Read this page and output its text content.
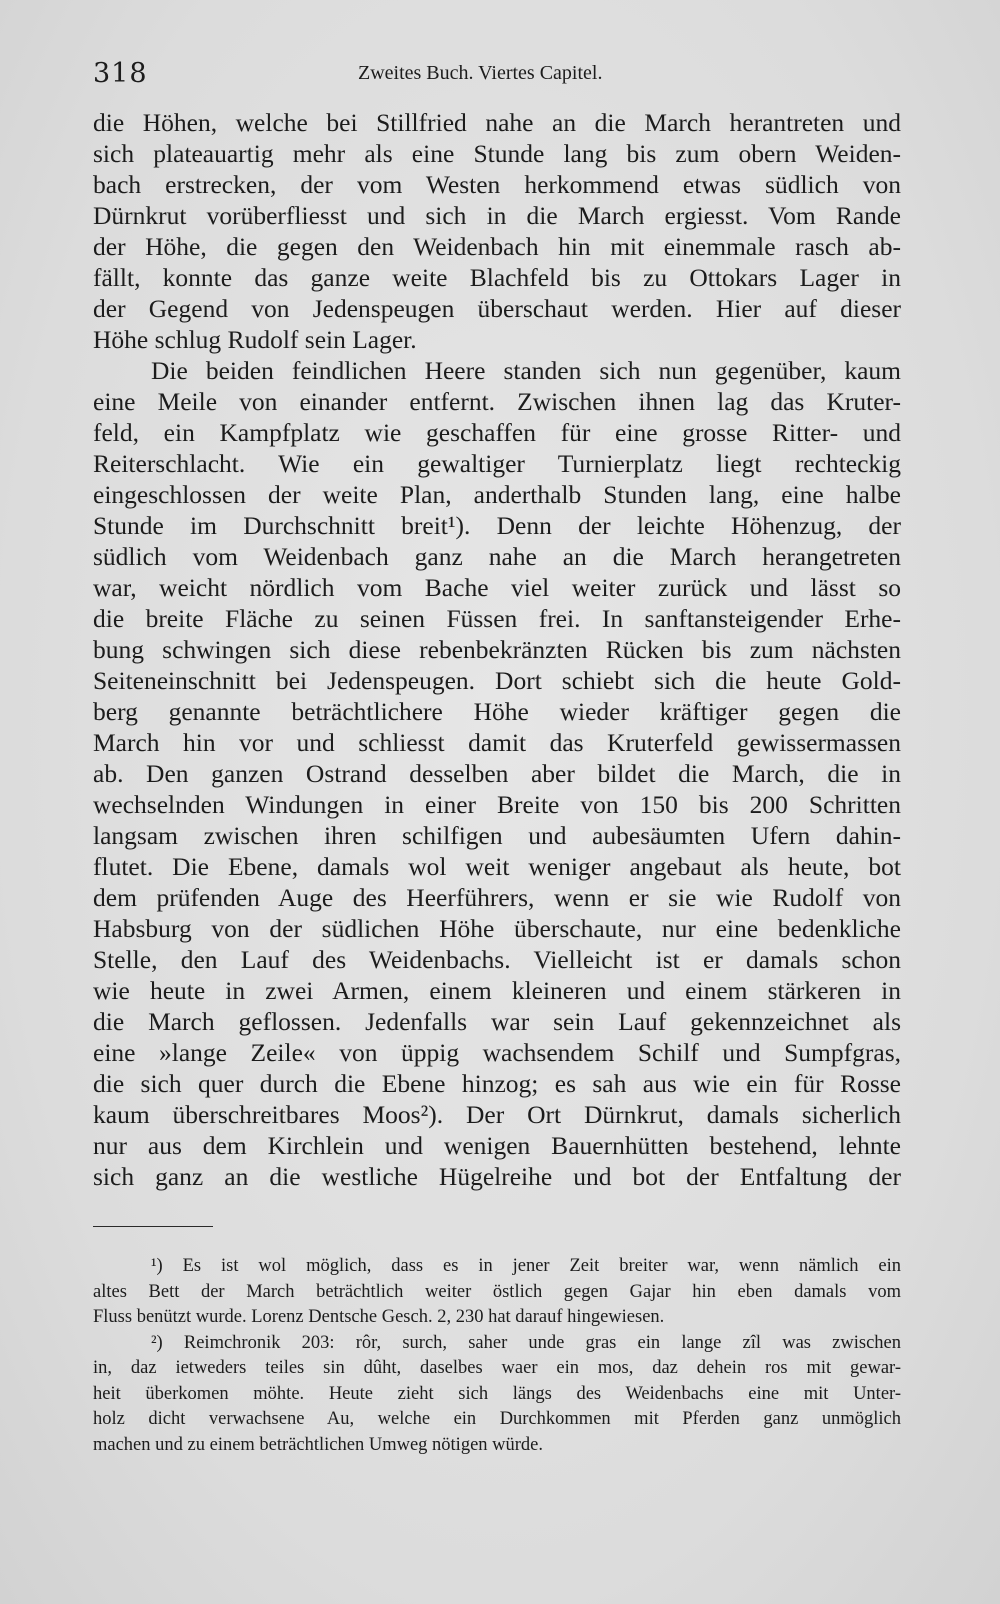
318	Zweites Buch. Viertes Capitel.
die Höhen, welche bei Stillfried nahe an die March herantreten und
sich plateauartig mehr als eine Stunde lang bis zum obern Weiden-
bach erstrecken, der vom Westen herkommend etwas südlich von
Dürnkrut vorüberfliesst und sich in die March ergiesst. Vom Rande
der Höhe, die gegen den Weidenbach hin mit einemmale rasch ab-
fällt, konnte das ganze weite Blachfeld bis zu Ottokars Lager in
der Gegend von Jedenspeugen überschaut werden. Hier auf dieser
Höhe schlug Rudolf sein Lager.
Die beiden feindlichen Heere standen sich nun gegenüber, kaum
eine Meile von einander entfernt. Zwischen ihnen lag das Kruter-
feld, ein Kampfplatz wie geschaffen für eine grosse Ritter- und
Reiterschlacht. Wie ein gewaltiger Turnierplatz liegt rechteckig
eingeschlossen der weite Plan, anderthalb Stunden lang, eine halbe
Stunde im Durchschnitt breit¹). Denn der leichte Höhenzug, der
südlich vom Weidenbach ganz nahe an die March herangetreten
war, weicht nördlich vom Bache viel weiter zurück und lässt so
die breite Fläche zu seinen Füssen frei. In sanftansteigender Erhe-
bung schwingen sich diese rebenbekränzten Rücken bis zum nächsten
Seiteneinschnitt bei Jedenspeugen. Dort schiebt sich die heute Gold-
berg genannte beträchtlichere Höhe wieder kräftiger gegen die
March hin vor und schliesst damit das Kruterfeld gewissermassen
ab. Den ganzen Ostrand desselben aber bildet die March, die in
wechselnden Windungen in einer Breite von 150 bis 200 Schritten
langsam zwischen ihren schilfigen und aubesäumten Ufern dahin-
flutet. Die Ebene, damals wol weit weniger angebaut als heute, bot
dem prüfenden Auge des Heerführers, wenn er sie wie Rudolf von
Habsburg von der südlichen Höhe überschaute, nur eine bedenkliche
Stelle, den Lauf des Weidenbachs. Vielleicht ist er damals schon
wie heute in zwei Armen, einem kleineren und einem stärkeren in
die March geflossen. Jedenfalls war sein Lauf gekennzeichnet als
eine »lange Zeile« von üppig wachsendem Schilf und Sumpfgras,
die sich quer durch die Ebene hinzog; es sah aus wie ein für Rosse
kaum überschreitbares Moos²). Der Ort Dürnkrut, damals sicherlich
nur aus dem Kirchlein und wenigen Bauernhütten bestehend, lehnte
sich ganz an die westliche Hügelreihe und bot der Entfaltung der
¹) Es ist wol möglich, dass es in jener Zeit breiter war, wenn nämlich ein
altes Bett der March beträchtlich weiter östlich gegen Gajar hin eben damals vom
Fluss benützt wurde. Lorenz Dentsche Gesch. 2, 230 hat darauf hingewiesen.
²) Reimchronik 203: rôr, surch, saher unde gras ein lange zîl was zwischen
in, daz ietweders teiles sin dûht, daselbes waer ein mos, daz dehein ros mit gewar-
heit überkomen möhte. Heute zieht sich längs des Weidenbachs eine mit Unter-
holz dicht verwachsene Au, welche ein Durchkommen mit Pferden ganz unmöglich
machen und zu einem beträchtlichen Umweg nötigen würde.
